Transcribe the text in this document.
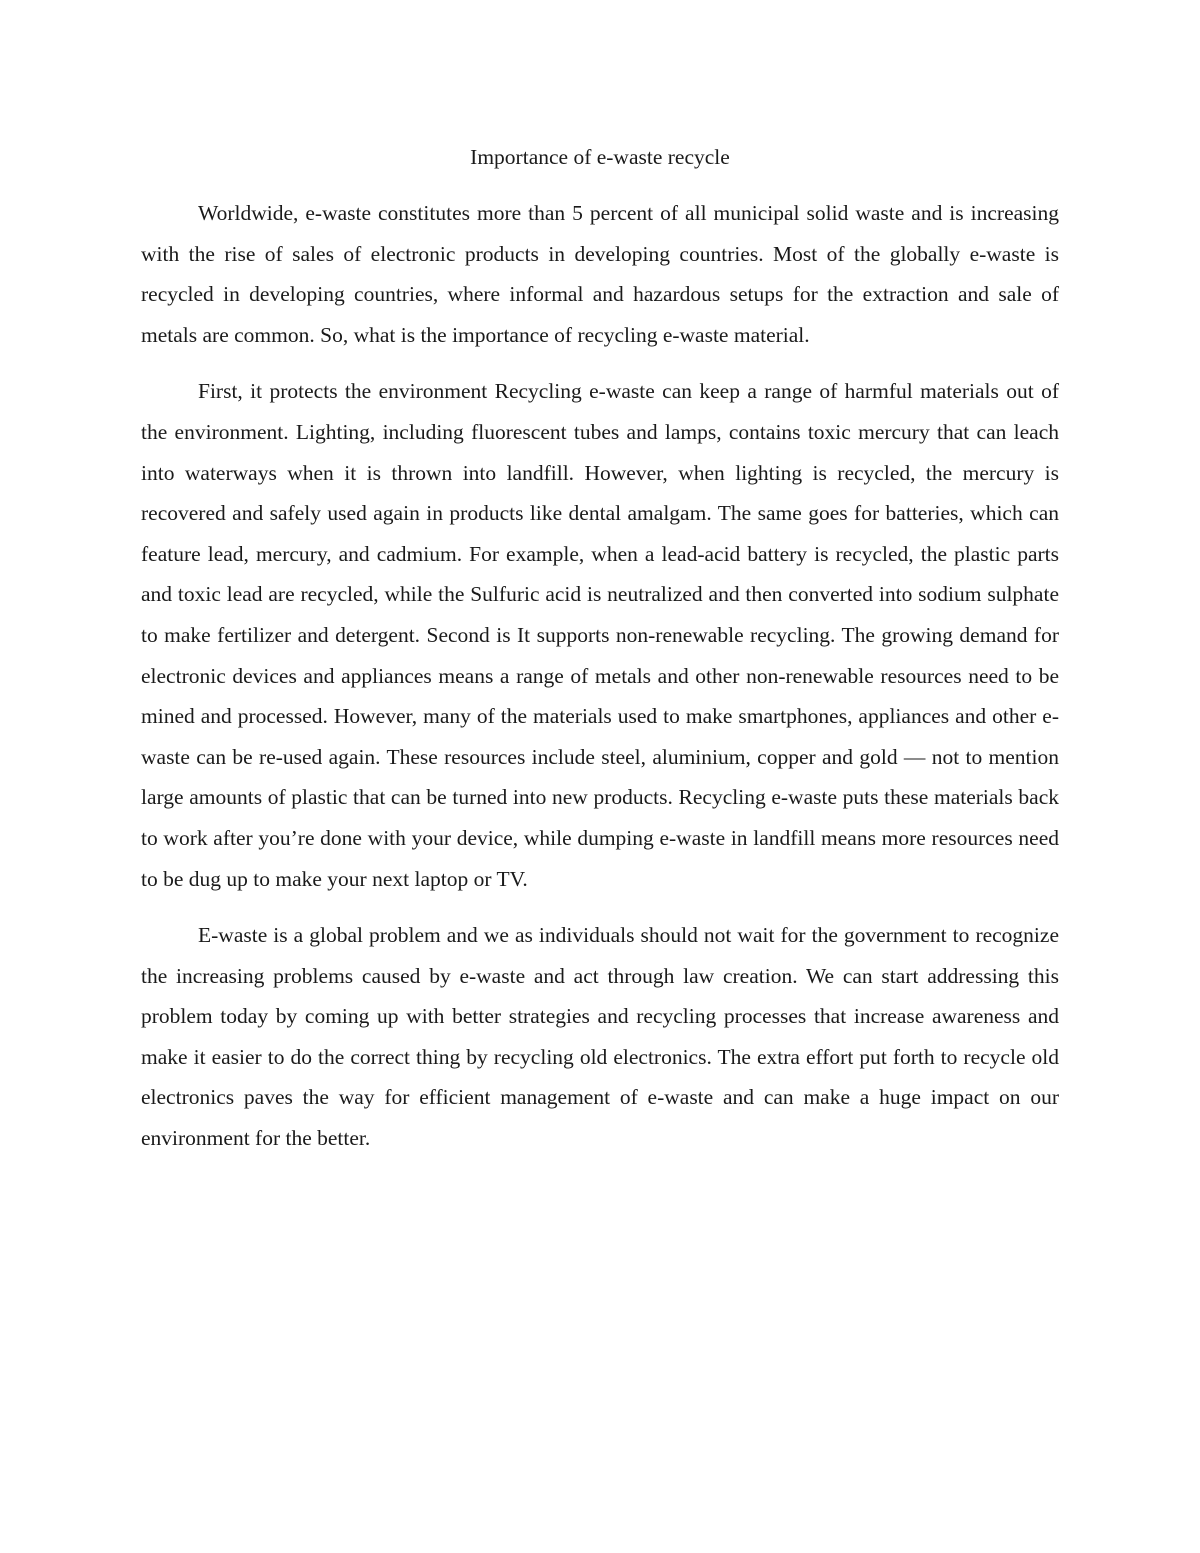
Importance of e-waste recycle

Worldwide, e-waste constitutes more than 5 percent of all municipal solid waste and is increasing with the rise of sales of electronic products in developing countries. Most of the globally e-waste is recycled in developing countries, where informal and hazardous setups for the extraction and sale of metals are common. So, what is the importance of recycling e-waste material.

First, it protects the environment Recycling e-waste can keep a range of harmful materials out of the environment. Lighting, including fluorescent tubes and lamps, contains toxic mercury that can leach into waterways when it is thrown into landfill. However, when lighting is recycled, the mercury is recovered and safely used again in products like dental amalgam. The same goes for batteries, which can feature lead, mercury, and cadmium. For example, when a lead-acid battery is recycled, the plastic parts and toxic lead are recycled, while the Sulfuric acid is neutralized and then converted into sodium sulphate to make fertilizer and detergent. Second is It supports non-renewable recycling. The growing demand for electronic devices and appliances means a range of metals and other non-renewable resources need to be mined and processed. However, many of the materials used to make smartphones, appliances and other e-waste can be re-used again. These resources include steel, aluminium, copper and gold — not to mention large amounts of plastic that can be turned into new products. Recycling e-waste puts these materials back to work after you’re done with your device, while dumping e-waste in landfill means more resources need to be dug up to make your next laptop or TV.

E-waste is a global problem and we as individuals should not wait for the government to recognize the increasing problems caused by e-waste and act through law creation. We can start addressing this problem today by coming up with better strategies and recycling processes that increase awareness and make it easier to do the correct thing by recycling old electronics. The extra effort put forth to recycle old electronics paves the way for efficient management of e-waste and can make a huge impact on our environment for the better.
